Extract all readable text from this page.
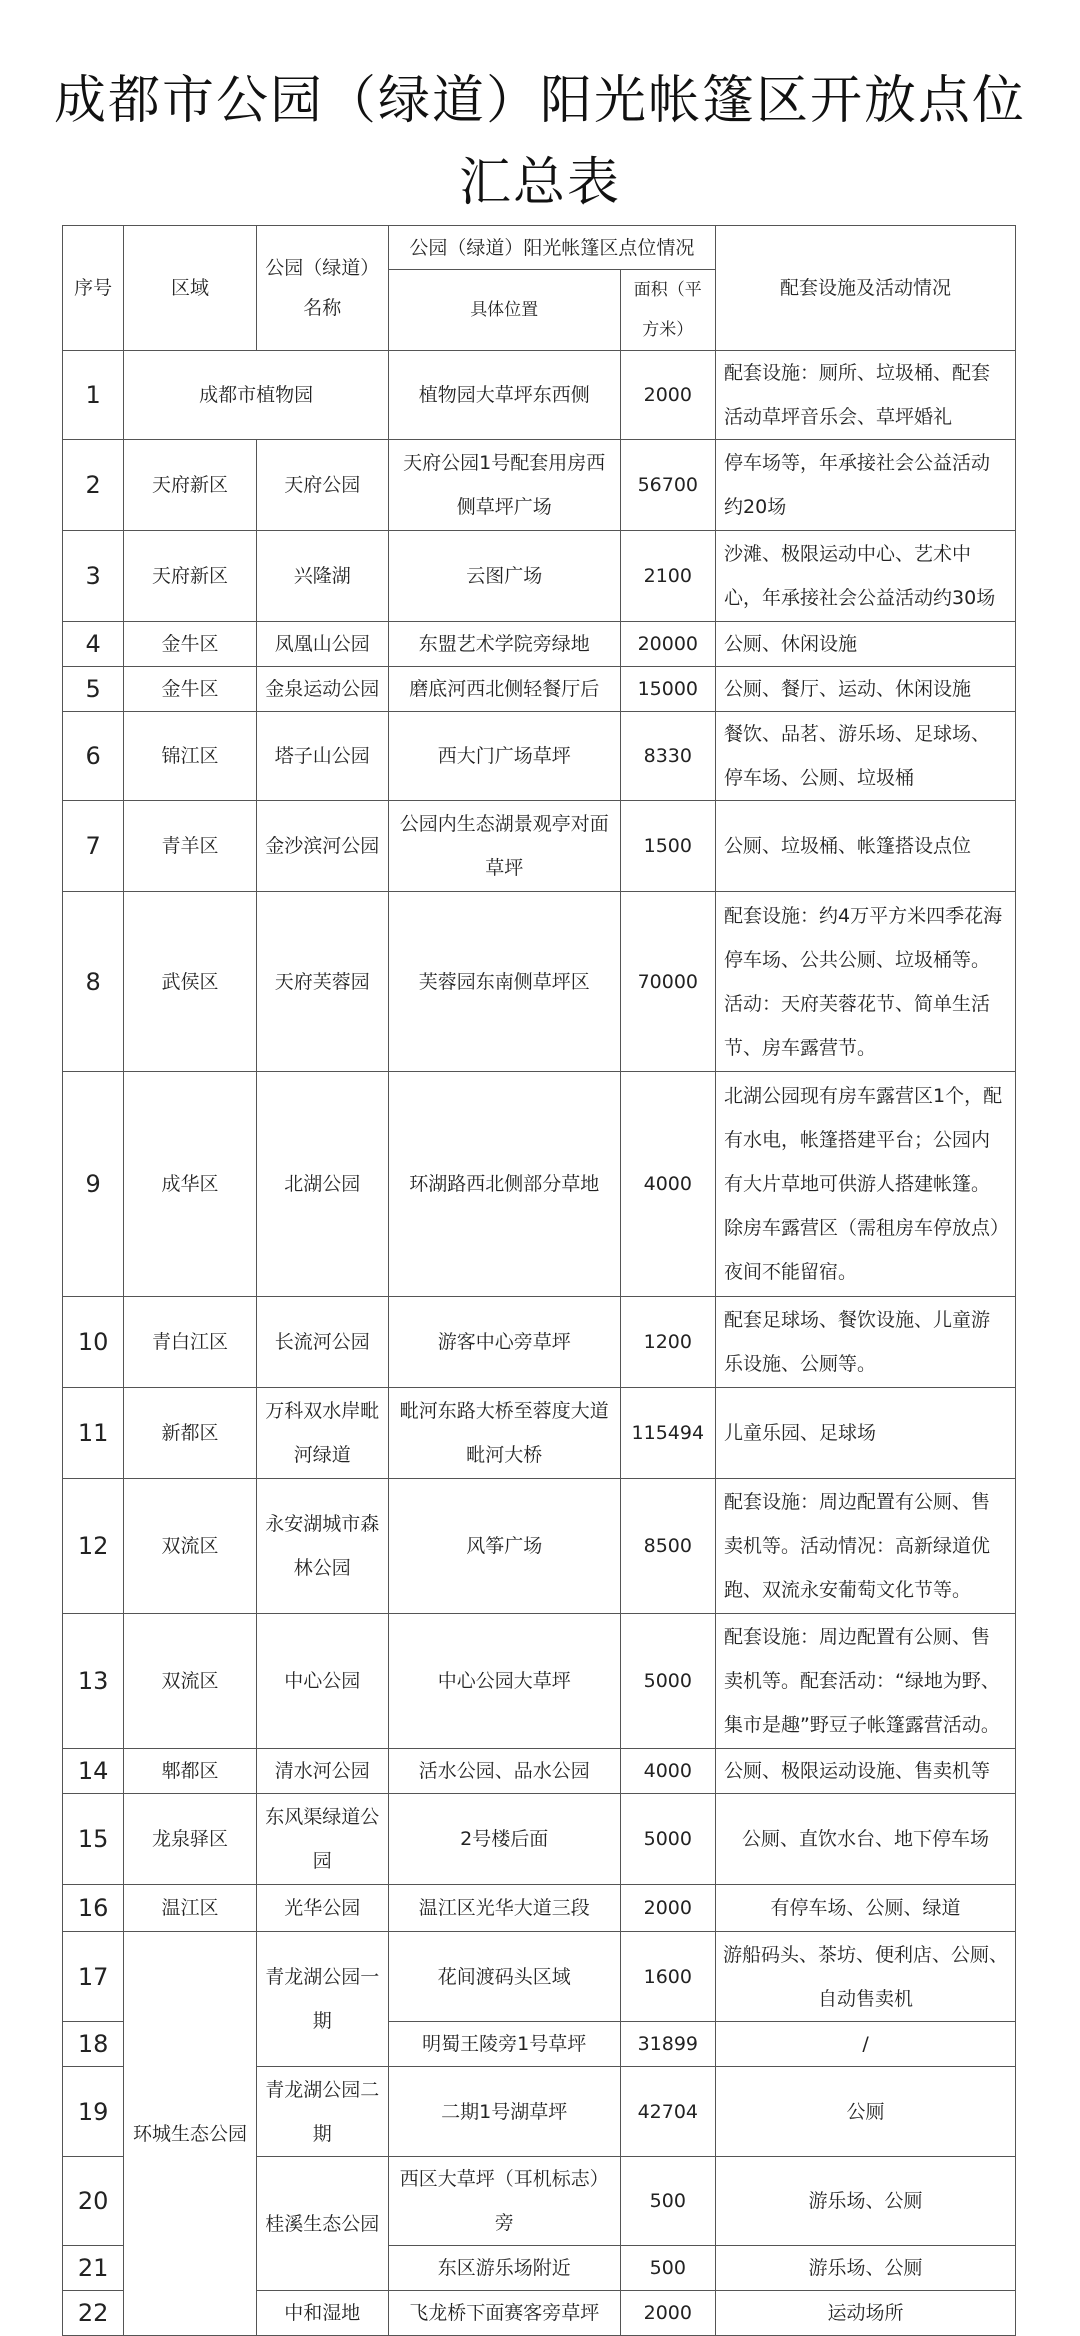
成都市公园（绿道）阳光帐篷区开放点位
汇总表
序号	区域	公园（绿道）名称	公园（绿道）阳光帐篷区点位情况		配套设施及活动情况
			具体位置	面积（平方米）	
1	成都市植物园		植物园大草坪东西侧	2000	配套设施：厕所、垃圾桶、配套活动草坪音乐会、草坪婚礼
2	天府新区	天府公园	天府公园1号配套用房西侧草坪广场	56700	停车场等，年承接社会公益活动约20场
3	天府新区	兴隆湖	云图广场	2100	沙滩、极限运动中心、艺术中心，年承接社会公益活动约30场
4	金牛区	凤凰山公园	东盟艺术学院旁绿地	20000	公厕、休闲设施
5	金牛区	金泉运动公园	磨底河西北侧轻餐厅后	15000	公厕、餐厅、运动、休闲设施
6	锦江区	塔子山公园	西大门广场草坪	8330	餐饮、品茗、游乐场、足球场、停车场、公厕、垃圾桶
7	青羊区	金沙滨河公园	公园内生态湖景观亭对面草坪	1500	公厕、垃圾桶、帐篷搭设点位
8	武侯区	天府芙蓉园	芙蓉园东南侧草坪区	70000	配套设施：约4万平方米四季花海停车场、公共公厕、垃圾桶等。活动：天府芙蓉花节、简单生活节、房车露营节。
9	成华区	北湖公园	环湖路西北侧部分草地	4000	北湖公园现有房车露营区1个，配有水电，帐篷搭建平台；公园内有大片草地可供游人搭建帐篷。除房车露营区（需租房车停放点）夜间不能留宿。
10	青白江区	长流河公园	游客中心旁草坪	1200	配套足球场、餐饮设施、儿童游乐设施、公厕等。
11	新都区	万科双水岸毗河绿道	毗河东路大桥至蓉度大道毗河大桥	115494	儿童乐园、足球场
12	双流区	永安湖城市森林公园	风筝广场	8500	配套设施：周边配置有公厕、售卖机等。活动情况：高新绿道优跑、双流永安葡萄文化节等。
13	双流区	中心公园	中心公园大草坪	5000	配套设施：周边配置有公厕、售卖机等。配套活动：“绿地为野、集市是趣”野豆子帐篷露营活动。
14	郫都区	清水河公园	活水公园、品水公园	4000	公厕、极限运动设施、售卖机等
15	龙泉驿区	东风渠绿道公园	2号楼后面	5000	公厕、直饮水台、地下停车场
16	温江区	光华公园	温江区光华大道三段	2000	有停车场、公厕、绿道
17	环城生态公园	青龙湖公园一期	花间渡码头区域	1600	游船码头、茶坊、便利店、公厕、自动售卖机
18			明蜀王陵旁1号草坪	31899	/
19		青龙湖公园二期	二期1号湖草坪	42704	公厕
20		桂溪生态公园	西区大草坪（耳机标志）旁	500	游乐场、公厕
21			东区游乐场附近	500	游乐场、公厕
22		中和湿地	飞龙桥下面赛客旁草坪	2000	运动场所
